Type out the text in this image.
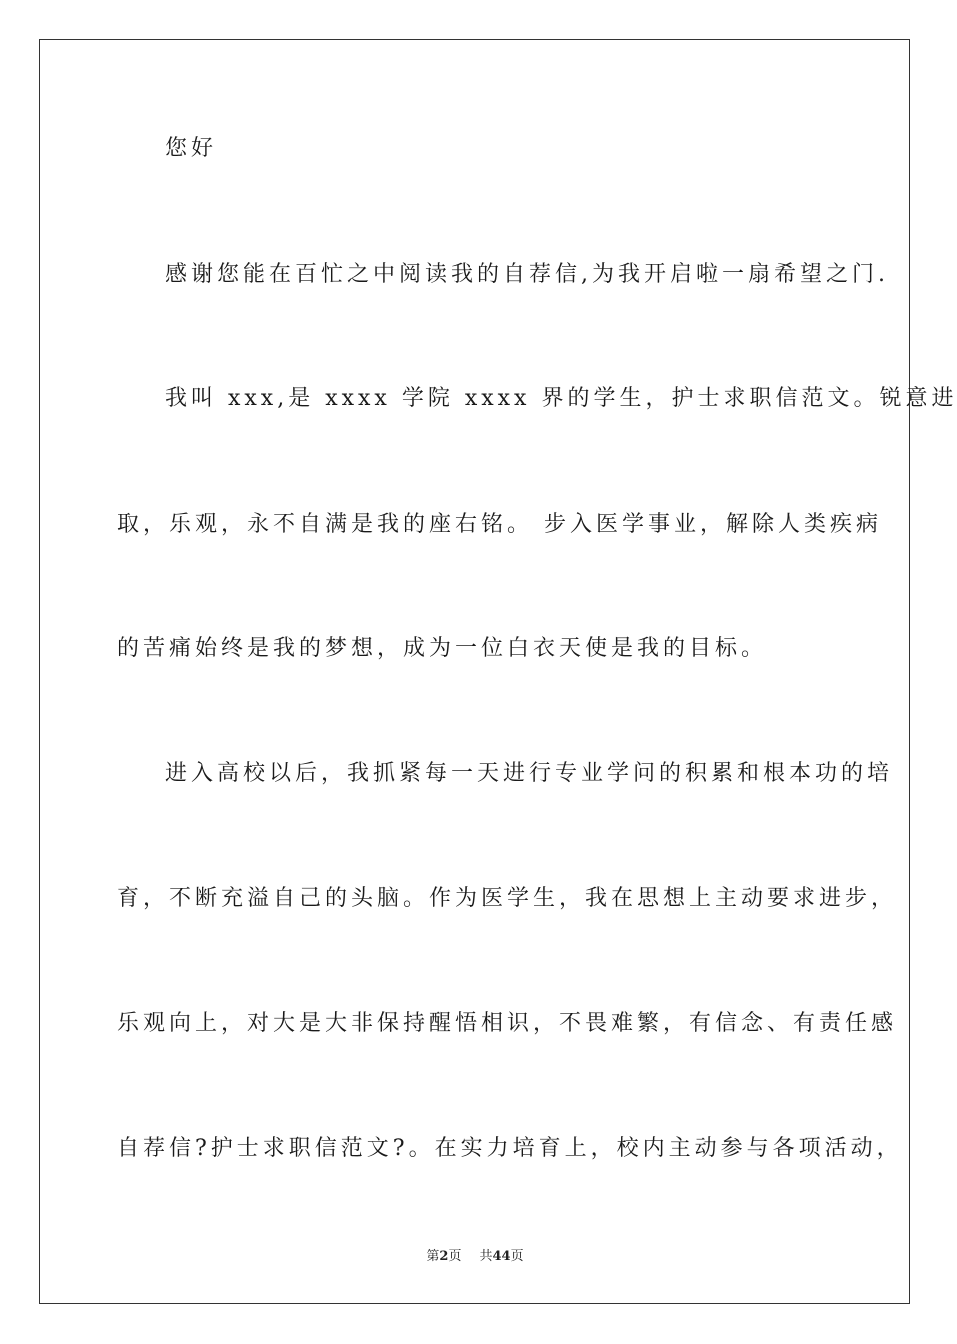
您好
感谢您能在百忙之中阅读我的自荐信,为我开启啦一扇希望之门.
我叫 xxx,是 xxxx 学院 xxxx 界的学生，护士求职信范文。锐意进
取，乐观，永不自满是我的座右铭。 步入医学事业，解除人类疾病
的苦痛始终是我的梦想，成为一位白衣天使是我的目标。
进入高校以后，我抓紧每一天进行专业学问的积累和根本功的培
育，不断充溢自己的头脑。作为医学生，我在思想上主动要求进步，
乐观向上，对大是大非保持醒悟相识，不畏难繁，有信念、有责任感
自荐信?护士求职信范文?。在实力培育上，校内主动参与各项活动，
第2页 共44页
